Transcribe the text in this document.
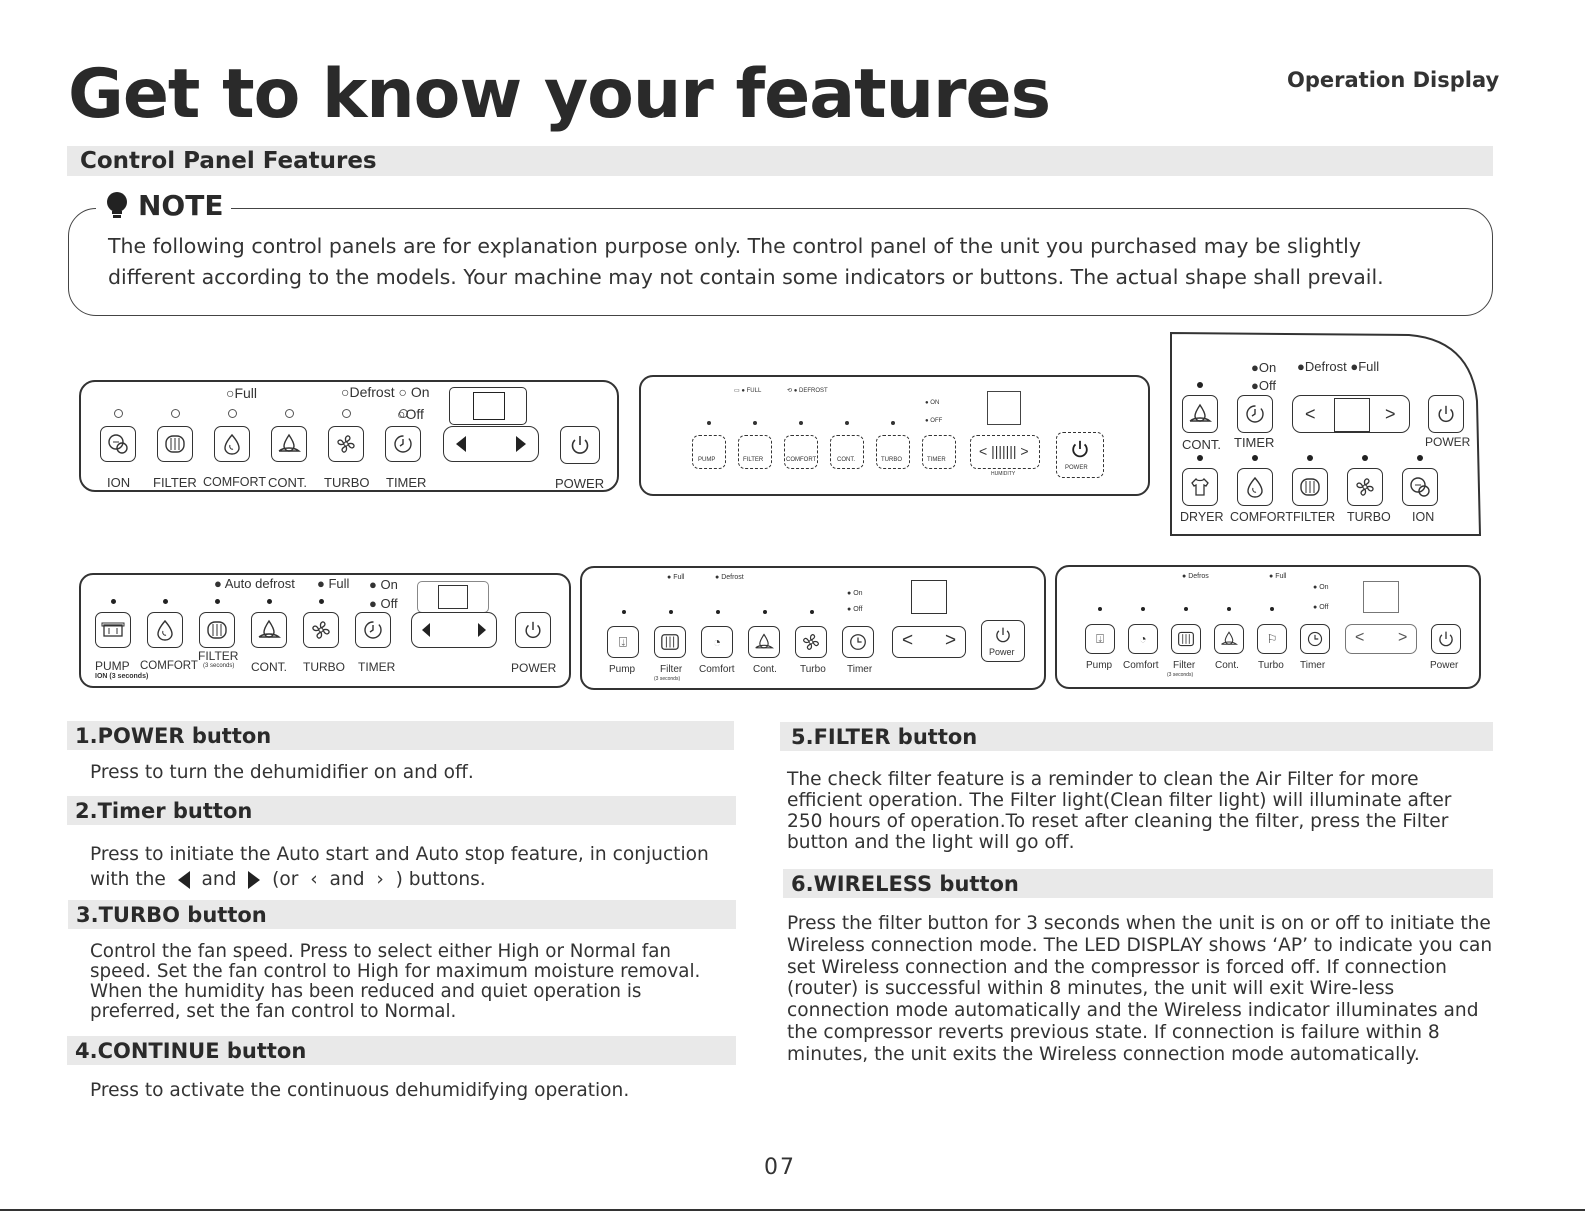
Get to know your features	Operation Display
Control Panel Features
NOTE
The following control panels are for explanation purpose only. The control panel of the unit you purchased may be slightly
different according to the models. Your machine may not contain some indicators or buttons. The actual shape shall prevail.
○Full	○Defrost ○ On
○Off
ION FILTER COMFORT CONT. TURBO TIMER	POWER
▭ ● FULL	⟲ ● DEFROST
● ON
● OFF
PUMP	FILTER	COMFORT	CONT.	TURBO	TIMER
< ||||||| >
HUMIDITY
POWER
●On
●Off
●Defrost ●Full
<	>
CONT. TIMER	POWER
DRYER COMFORT FILTER TURBO ION
● Auto defrost ● Full ● On
● Off
PUMP
ION (3 seconds)
COMFORT
FILTER
(3 seconds) CONT. TURBO TIMER	POWER
● Full	● Defrost
● On
● Off
⍗	◔	< >
Power
Pump Filter
(3 seconds)
Comfort Cont. Turbo Timer
● Defros	● Full
● On
● Off
⍗	◔	⚐	< >
Pump Comfort Filter
(3 seconds)
Cont. Turbo Timer	Power
1.POWER button
Press to turn the dehumidifier on and off.
2.Timer button
Press to initiate the Auto start and Auto stop feature, in conjuction
with the and (or ‹ and › ) buttons.
3.TURBO button
Control the fan speed. Press to select either High or Normal fan speed. Set the fan control to High for maximum moisture removal. When the humidity has been reduced and quiet operation is preferred, set the fan control to Normal.
4.CONTINUE button
Press to activate the continuous dehumidifying operation.
5.FILTER button
The check filter feature is a reminder to clean the Air Filter for more efficient operation. The Filter light(Clean filter light) will illuminate after 250 hours of operation.To reset after cleaning the filter, press the Filter button and the light will go off.
6.WIRELESS button
Press the filter button for 3 seconds when the unit is on or off to initiate the Wireless connection mode. The LED DISPLAY shows ‘AP’ to indicate you can set Wireless connection and the compressor is forced off. If connection (router) is successful within 8 minutes, the unit will exit Wire-less connection mode automatically and the Wireless indicator illuminates and the compressor reverts previous state. If connection is failure within 8 minutes, the unit exits the Wireless connection mode automatically.
07
